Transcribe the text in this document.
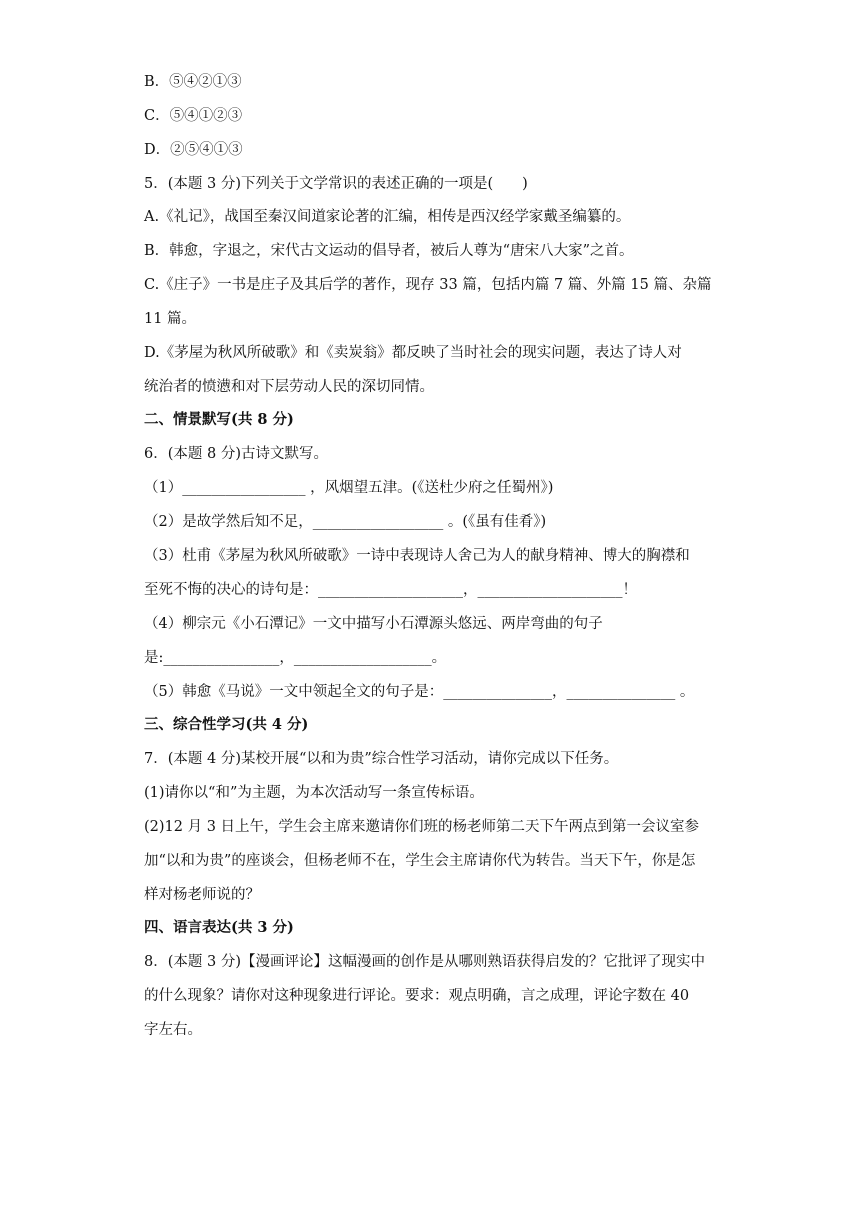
B．⑤④②①③
C．⑤④①②③
D．②⑤④①③
5．(本题 3 分)下列关于文学常识的表述正确的一项是(　　)
A.《礼记》，战国至秦汉间道家论著的汇编，相传是西汉经学家戴圣编纂的。
B．韩愈，字退之，宋代古文运动的倡导者，被后人尊为“唐宋八大家”之首。
C.《庄子》一书是庄子及其后学的著作，现存 33 篇，包括内篇 7 篇、外篇 15 篇、杂篇
11 篇。
D.《茅屋为秋风所破歌》和《卖炭翁》都反映了当时社会的现实问题，表达了诗人对
统治者的愤懑和对下层劳动人民的深切同情。
二、情景默写(共 8 分)
6．(本题 8 分)古诗文默写。
（1）_________________ ，风烟望五津。(《送杜少府之任蜀州》)
（2）是故学然后知不足，__________________ 。(《虽有佳肴》)
（3）杜甫《茅屋为秋风所破歌》一诗中表现诗人舍己为人的献身精神、博大的胸襟和
至死不悔的决心的诗句是：____________________，____________________！
（4）柳宗元《小石潭记》一文中描写小石潭源头悠远、两岸弯曲的句子
是:________________，___________________。
（5）韩愈《马说》一文中领起全文的句子是：_______________，_______________ 。
三、综合性学习(共 4 分)
7．(本题 4 分)某校开展“以和为贵”综合性学习活动，请你完成以下任务。
(1)请你以“和”为主题，为本次活动写一条宣传标语。
(2)12 月 3 日上午，学生会主席来邀请你们班的杨老师第二天下午两点到第一会议室参
加“以和为贵”的座谈会，但杨老师不在，学生会主席请你代为转告。当天下午，你是怎
样对杨老师说的？
四、语言表达(共 3 分)
8．(本题 3 分)【漫画评论】这幅漫画的创作是从哪则熟语获得启发的？它批评了现实中
的什么现象？请你对这种现象进行评论。要求：观点明确，言之成理，评论字数在 40
字左右。
